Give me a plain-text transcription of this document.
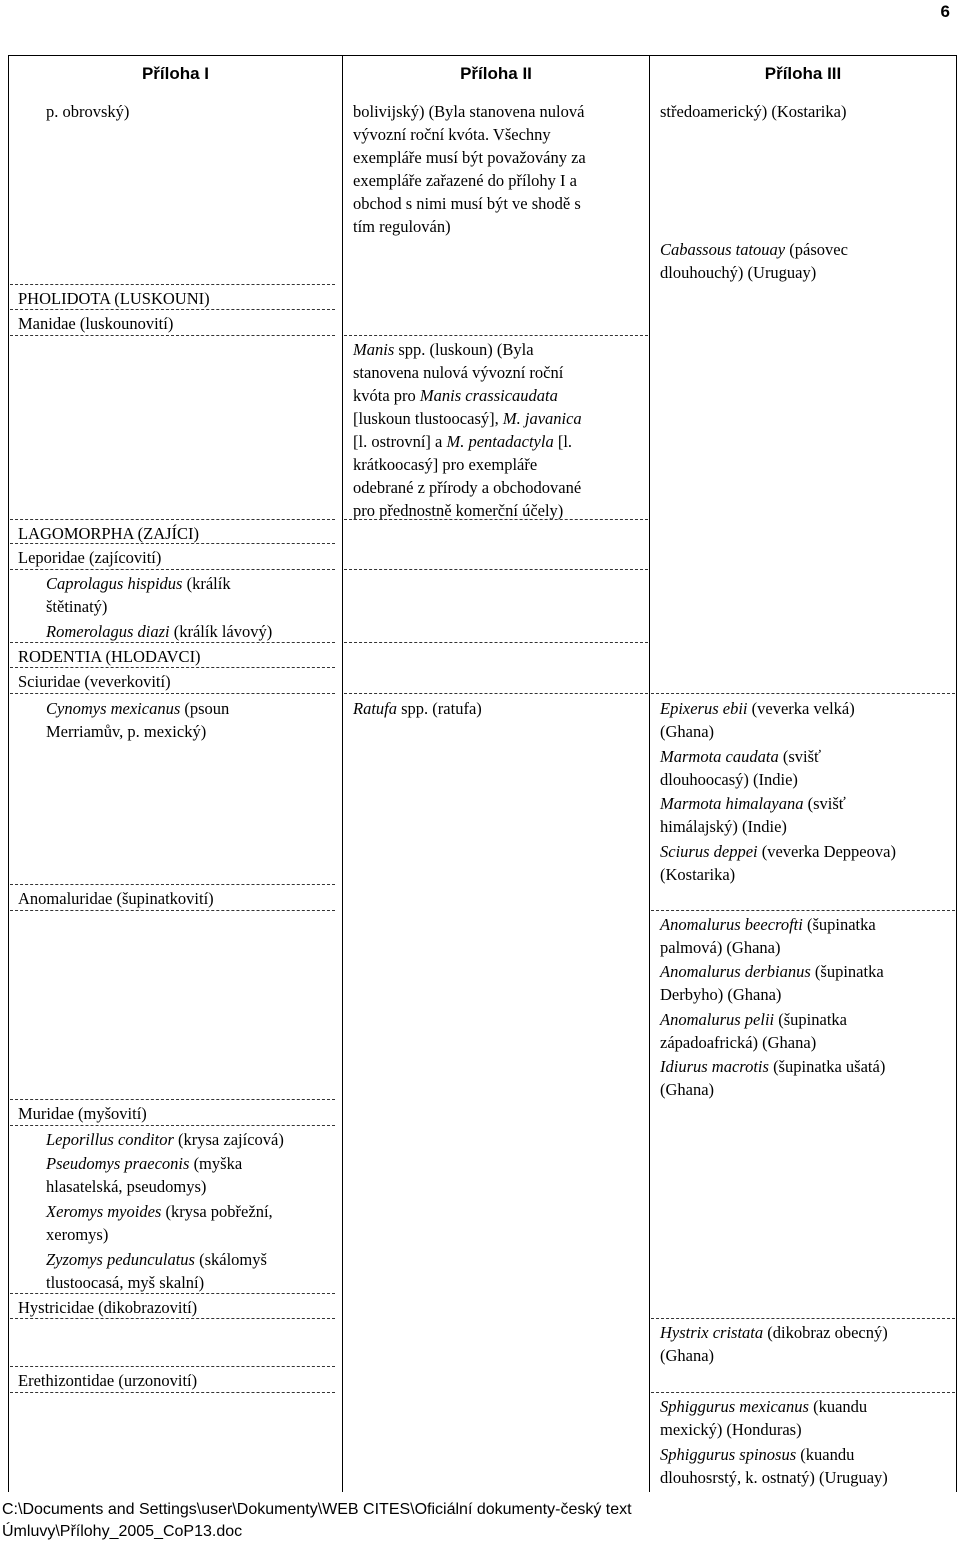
6
Příloha I	Příloha II	Příloha III
p. obrovský)
PHOLIDOTA (LUSKOUNI)
Manidae (luskounovití)
LAGOMORPHA (ZAJÍCI)
Leporidae (zajícovití)
Caprolagus hispidus (králík
štětinatý)
Romerolagus diazi (králík lávový)
RODENTIA (HLODAVCI)
Sciuridae (veverkovití)
Cynomys mexicanus (psoun
Merriamův, p. mexický)
Anomaluridae (šupinatkovití)
Muridae (myšovití)
Leporillus conditor (krysa zajícová)
Pseudomys praeconis (myška
hlasatelská, pseudomys)
Xeromys myoides (krysa pobřežní,
xeromys)
Zyzomys pedunculatus (skálomyš
tlustoocasá, myš skalní)
Hystricidae (dikobrazovití)
Erethizontidae (urzonovití)
bolivijský) (Byla stanovena nulová
vývozní roční kvóta. Všechny
exempláře musí být považovány za
exempláře zařazené do přílohy I a
obchod s nimi musí být ve shodě s
tím regulován)
Manis spp. (luskoun) (Byla
stanovena nulová vývozní roční
kvóta pro Manis crassicaudata
[luskoun tlustoocasý], M. javanica
[l. ostrovní] a M. pentadactyla [l.
krátkoocasý] pro exempláře
odebrané z přírody a obchodované
pro přednostně komerční účely)
Ratufa spp. (ratufa)
středoamerický) (Kostarika)
Cabassous tatouay (pásovec
dlouhouchý) (Uruguay)
Epixerus ebii (veverka velká)
(Ghana)
Marmota caudata (svišť
dlouhoocasý) (Indie)
Marmota himalayana (svišť
himálajský) (Indie)
Sciurus deppei (veverka Deppeova)
(Kostarika)
Anomalurus beecrofti (šupinatka
palmová) (Ghana)
Anomalurus derbianus (šupinatka
Derbyho) (Ghana)
Anomalurus pelii (šupinatka
západoafrická) (Ghana)
Idiurus macrotis (šupinatka ušatá)
(Ghana)
Hystrix cristata (dikobraz obecný)
(Ghana)
Sphiggurus mexicanus (kuandu
mexický) (Honduras)
Sphiggurus spinosus (kuandu
dlouhosrstý, k. ostnatý) (Uruguay)
C:\Documents and Settings\user\Dokumenty\WEB CITES\Oficiální dokumenty-český text
Úmluvy\Přílohy_2005_CoP13.doc
